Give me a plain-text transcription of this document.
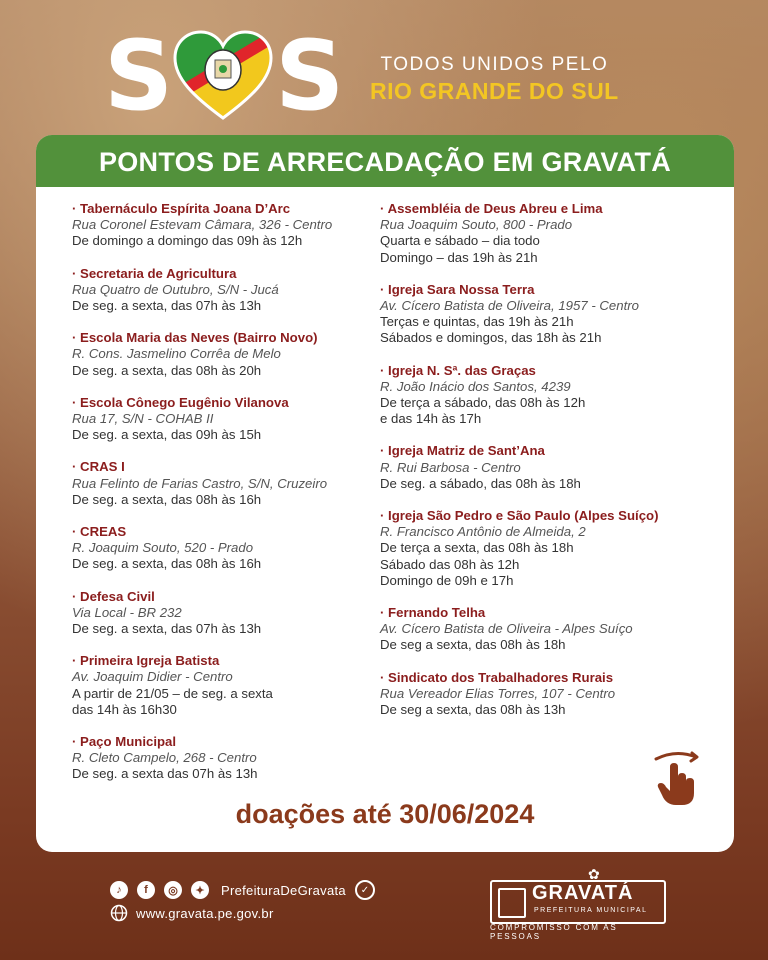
S S	TODOS UNIDOS PELO
RIO GRANDE DO SUL
PONTOS DE ARRECADAÇÃO EM GRAVATÁ
· Tabernáculo Espírita Joana D’Arc
Rua Coronel Estevam Câmara, 326 - Centro
De domingo a domingo das 09h às 12h
· Secretaria de Agricultura
Rua Quatro de Outubro, S/N - Jucá
De seg. a sexta, das 07h às 13h
· Escola Maria das Neves (Bairro Novo)
R. Cons. Jasmelino Corrêa de Melo
De seg. a sexta, das 08h às 20h
· Escola Cônego Eugênio Vilanova
Rua 17, S/N - COHAB II
De seg. a sexta, das 09h às 15h
· CRAS I
Rua Felinto de Farias Castro, S/N, Cruzeiro
De seg. a sexta, das 08h às 16h
· CREAS
R. Joaquim Souto, 520 - Prado
De seg. a sexta, das 08h às 16h
· Defesa Civil
Via Local - BR 232
De seg. a sexta, das 07h às 13h
· Primeira Igreja Batista
Av. Joaquim Didier - Centro
A partir de 21/05 – de seg. a sexta
das 14h às 16h30
· Paço Municipal
R. Cleto Campelo, 268 - Centro
De seg. a sexta das 07h às 13h
· Assembléia de Deus Abreu e Lima
Rua Joaquim Souto, 800 - Prado
Quarta e sábado – dia todo
Domingo – das 19h às 21h
· Igreja Sara Nossa Terra
Av. Cícero Batista de Oliveira, 1957 - Centro
Terças e quintas, das 19h às 21h
Sábados e domingos, das 18h às 21h
· Igreja N. Sª. das Graças
R. João Inácio dos Santos, 4239
De terça a sábado, das 08h às 12h
e das 14h às 17h
· Igreja Matriz de Sant’Ana
R. Rui Barbosa - Centro
De seg. a sábado, das 08h às 18h
· Igreja São Pedro e São Paulo (Alpes Suíço)
R. Francisco Antônio de Almeida, 2
De terça a sexta, das 08h às 18h
Sábado das 08h às 12h
Domingo de 09h e 17h
· Fernando Telha
Av. Cícero Batista de Oliveira - Alpes Suíço
De seg a sexta, das 08h às 18h
· Sindicato dos Trabalhadores Rurais
Rua Vereador Elias Torres, 107 - Centro
De seg a sexta, das 08h às 13h
doações até 30/06/2024
♪	f	◎	✦	PrefeituraDeGravata	✓
www.gravata.pe.gov.br
✿
GRAVATÁ
PREFEITURA MUNICIPAL
COMPROMISSO COM AS PESSOAS
